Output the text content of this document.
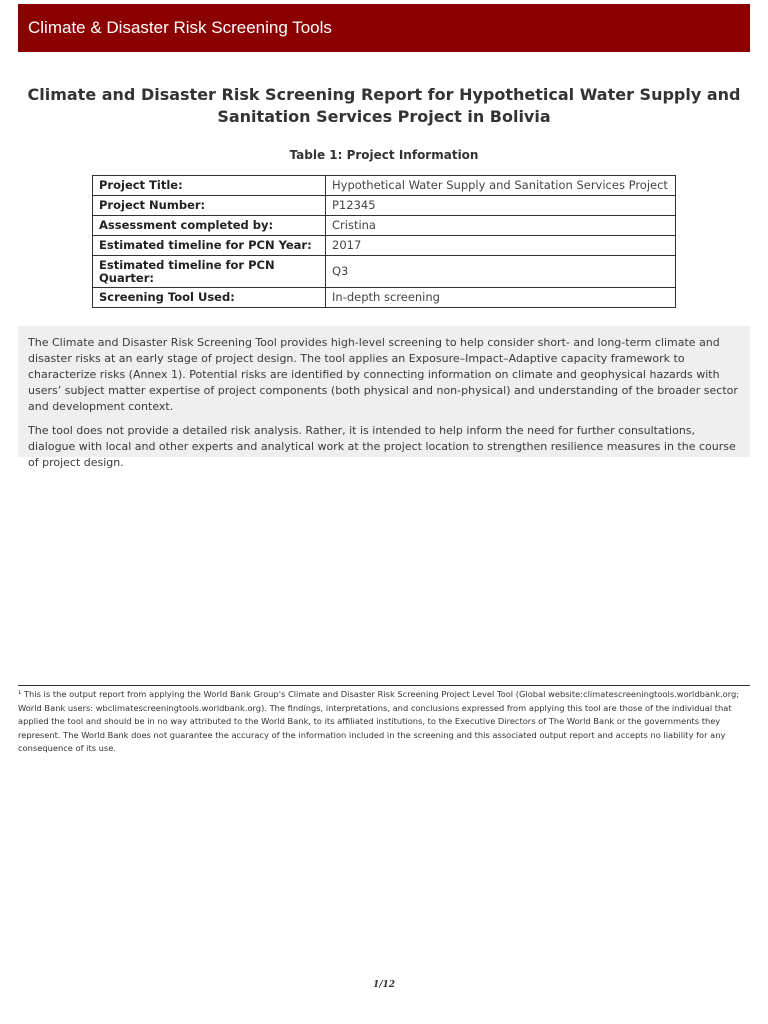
Climate & Disaster Risk Screening Tools
Climate and Disaster Risk Screening Report for Hypothetical Water Supply and Sanitation Services Project in Bolivia
Table 1: Project Information
Project Title:	Hypothetical Water Supply and Sanitation Services Project
Project Number:	P12345
Assessment completed by:	Cristina
Estimated timeline for PCN Year:	2017
Estimated timeline for PCN Quarter:	Q3
Screening Tool Used:	In-depth screening

The Climate and Disaster Risk Screening Tool provides high-level screening to help consider short- and long-term climate and disaster risks at an early stage of project design. The tool applies an Exposure–Impact–Adaptive capacity framework to characterize risks (Annex 1). Potential risks are identified by connecting information on climate and geophysical hazards with users’ subject matter expertise of project components (both physical and non-physical) and understanding of the broader sector and development context.

The tool does not provide a detailed risk analysis. Rather, it is intended to help inform the need for further consultations, dialogue with local and other experts and analytical work at the project location to strengthen resilience measures in the course of project design.

¹ This is the output report from applying the World Bank Group's Climate and Disaster Risk Screening Project Level Tool (Global website:climatescreeningtools.worldbank.org; World Bank users: wbclimatescreeningtools.worldbank.org). The findings, interpretations, and conclusions expressed from applying this tool are those of the individual that applied the tool and should be in no way attributed to the World Bank, to its affiliated institutions, to the Executive Directors of The World Bank or the governments they represent. The World Bank does not guarantee the accuracy of the information included in the screening and this associated output report and accepts no liability for any consequence of its use.
1/12
